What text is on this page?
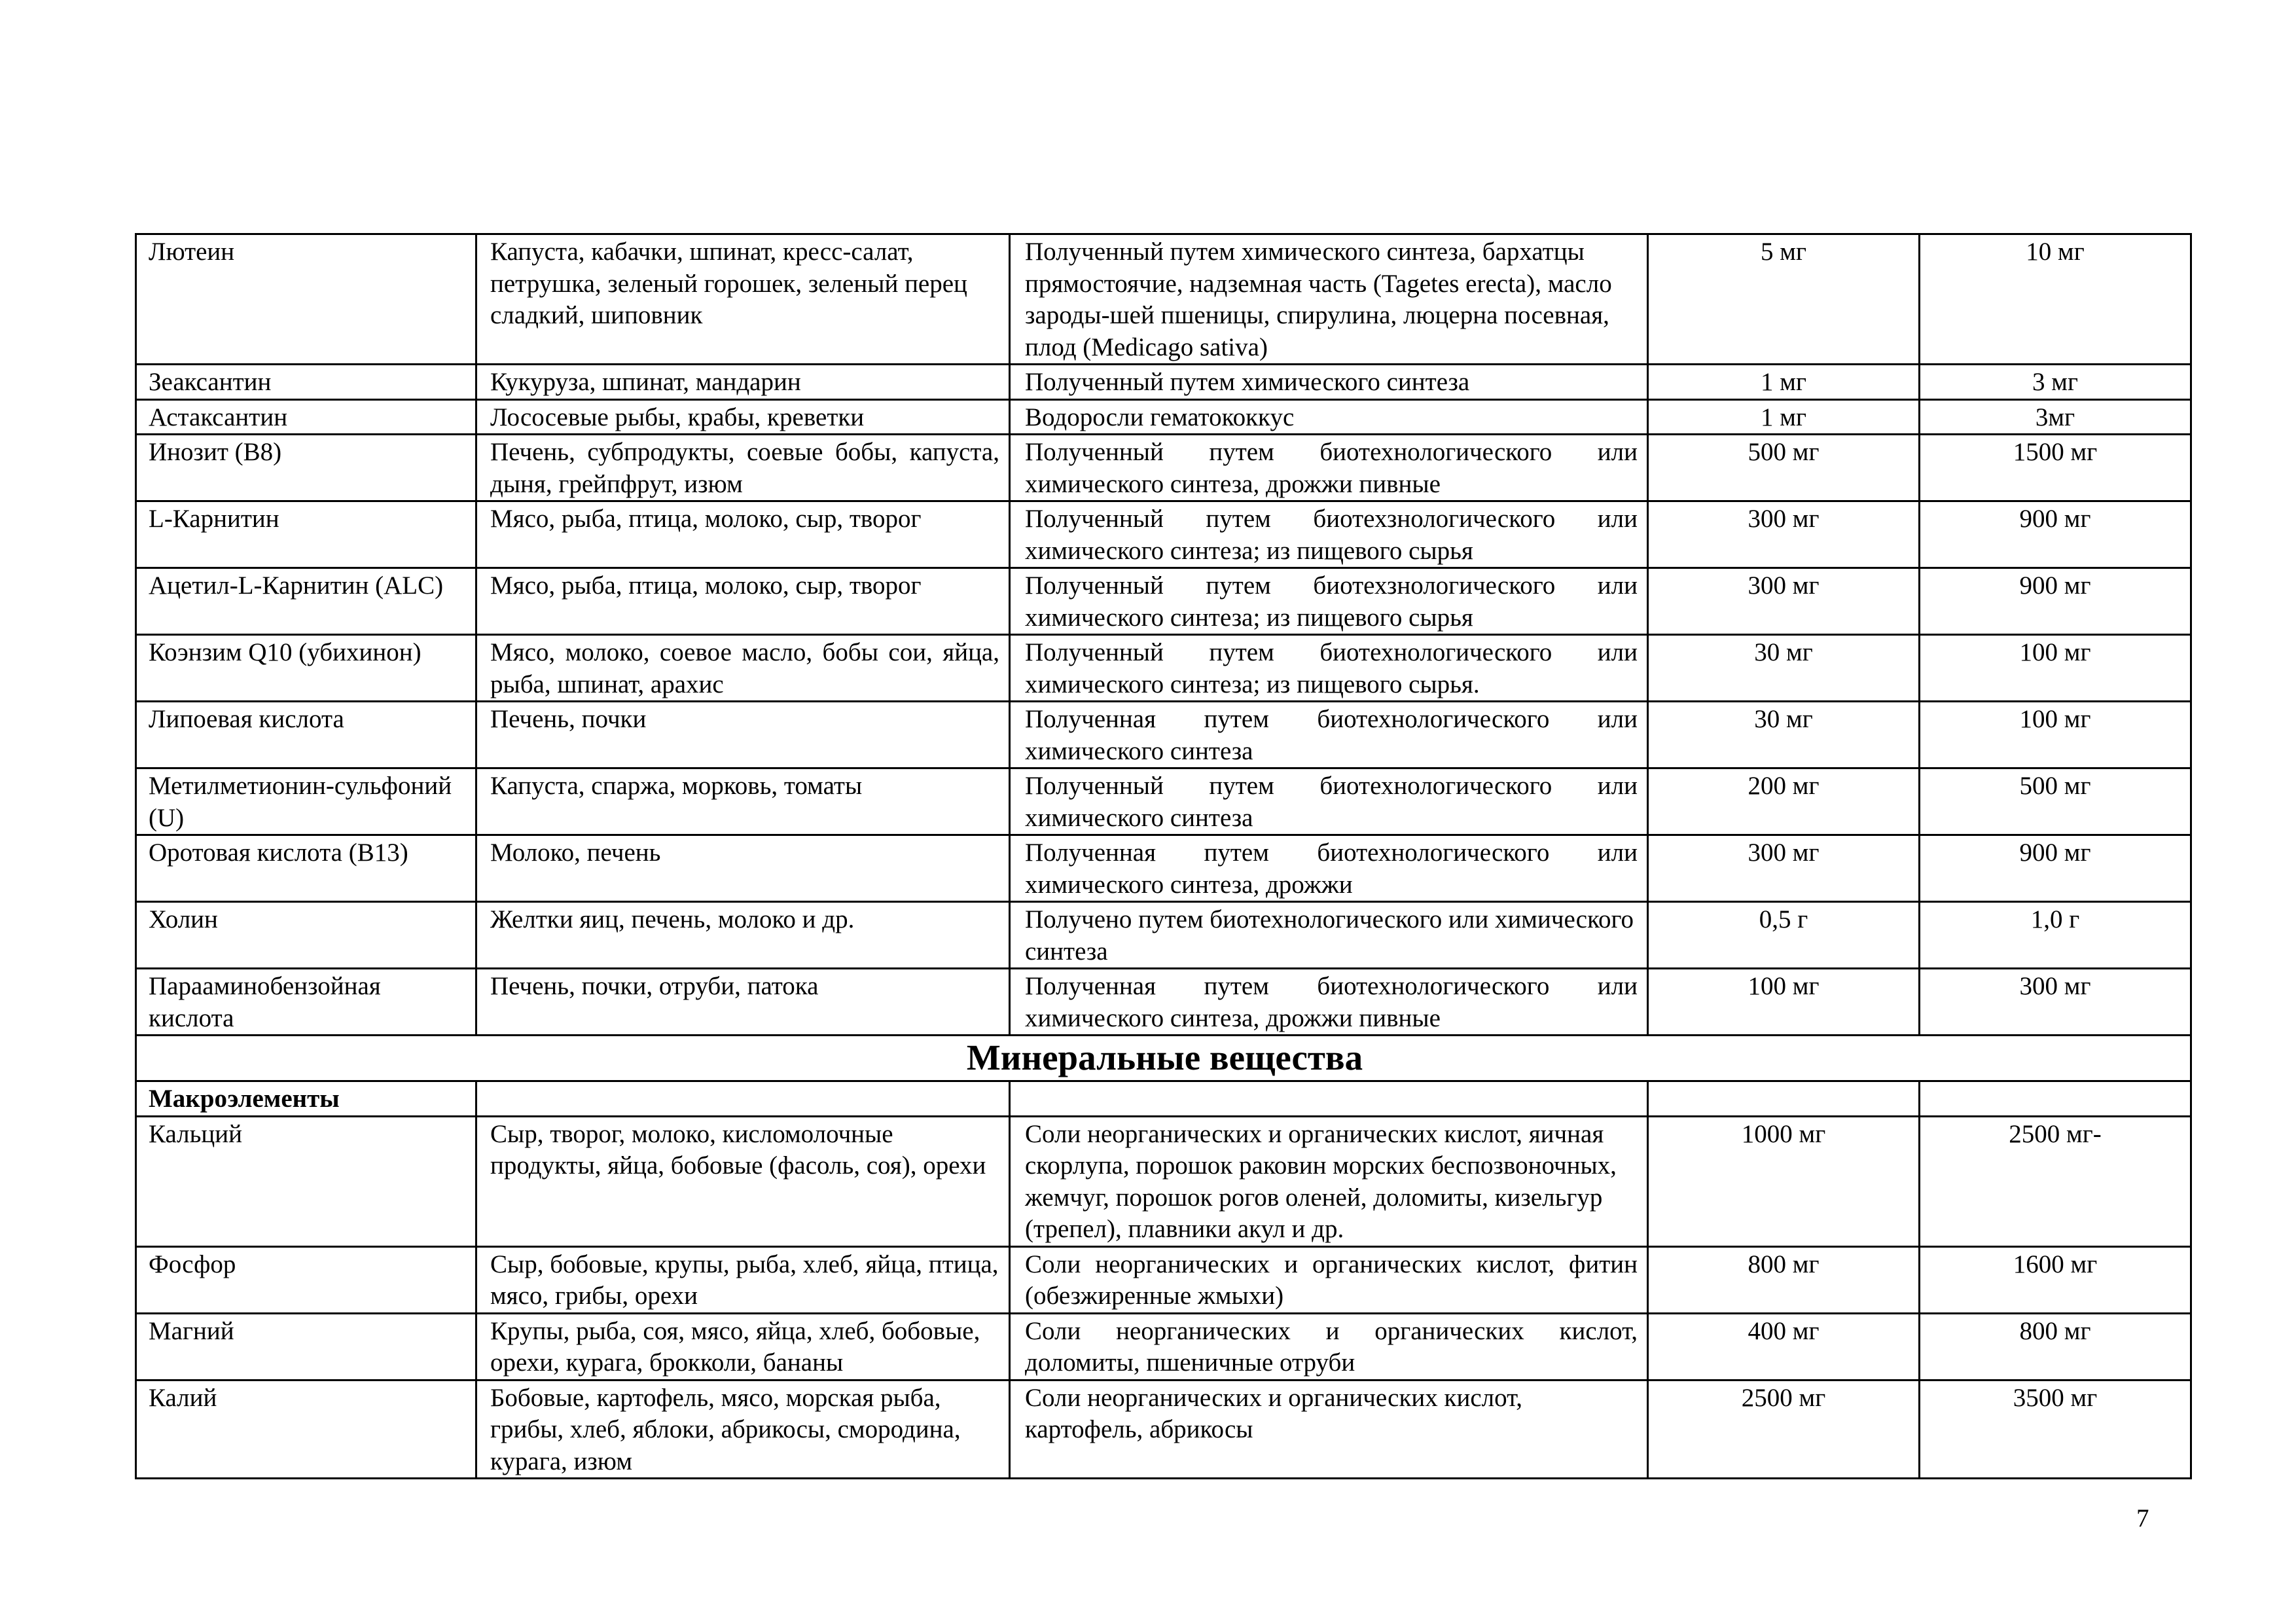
Лютеин	Капуста, кабачки, шпинат, кресс-салат, петрушка, зеленый горошек, зеленый перец сладкий, шиповник	Полученный путем химического синтеза, бархатцы прямостоячие, надземная часть (Tagetes erecta), масло зароды-шей пшеницы, спирулина, люцерна посевная, плод (Medicago sativa)	5 мг	10 мг
Зеаксантин	Кукуруза, шпинат, мандарин	Полученный путем химического синтеза	1 мг	3 мг
Астаксантин	Лососевые рыбы, крабы, креветки	Водоросли гематококкус	1 мг	3мг
Инозит (В8)	Печень, субпродукты, соевые бобы, капуста, дыня, грейпфрут, изюм	Полученный путем биотехнологического или химического синтеза, дрожжи пивные	500 мг	1500 мг
L-Карнитин	Мясо, рыба, птица, молоко, сыр, творог	Полученный путем биотехзнологического или химического синтеза; из пищевого сырья	300 мг	900 мг
Ацетил-L-Карнитин (ALC)	Мясо, рыба, птица, молоко, сыр, творог	Полученный путем биотехзнологического или химического синтеза; из пищевого сырья	300 мг	900 мг
Коэнзим Q10 (убихинон)	Мясо, молоко, соевое масло, бобы сои, яйца, рыба, шпинат, арахис	Полученный путем биотехнологического или химического синтеза; из пищевого сырья.	30 мг	100 мг
Липоевая кислота	Печень, почки	Полученная путем биотехнологического или химического синтеза	30 мг	100 мг
Метилметионин-сульфоний (U)	Капуста, спаржа, морковь, томаты	Полученный путем биотехнологического или химического синтеза	200 мг	500 мг
Оротовая кислота (В13)	Молоко, печень	Полученная путем биотехнологического или химического синтеза, дрожжи	300 мг	900 мг
Холин	Желтки яиц, печень, молоко и др.	Получено путем биотехнологического или химического синтеза	0,5 г	1,0 г
Парааминобензойная кислота	Печень, почки, отруби, патока	Полученная путем биотехнологического или химического синтеза, дрожжи пивные	100 мг	300 мг
Минеральные вещества				
Макроэлементы				
Кальций	Сыр, творог, молоко, кисломолочные продукты, яйца, бобовые (фасоль, соя), орехи	Соли неорганических и органических кислот, яичная скорлупа, порошок раковин морских беспозвоночных, жемчуг, порошок рогов оленей, доломиты, кизельгур (трепел), плавники акул и др.	1000 мг	2500 мг-
Фосфор	Сыр, бобовые, крупы, рыба, хлеб, яйца, птица, мясо, грибы, орехи	Соли неорганических и органических кислот, фитин (обезжиренные жмыхи)	800 мг	1600 мг
Магний	Крупы, рыба, соя, мясо, яйца, хлеб, бобовые, орехи, курага, брокколи, бананы	Соли неорганических и органических кислот, доломиты, пшеничные отруби	400 мг	800 мг
Калий	Бобовые, картофель, мясо, морская рыба, грибы, хлеб, яблоки, абрикосы, смородина, курага, изюм	Соли неорганических и органических кислот, картофель, абрикосы	2500 мг	3500 мг
7
